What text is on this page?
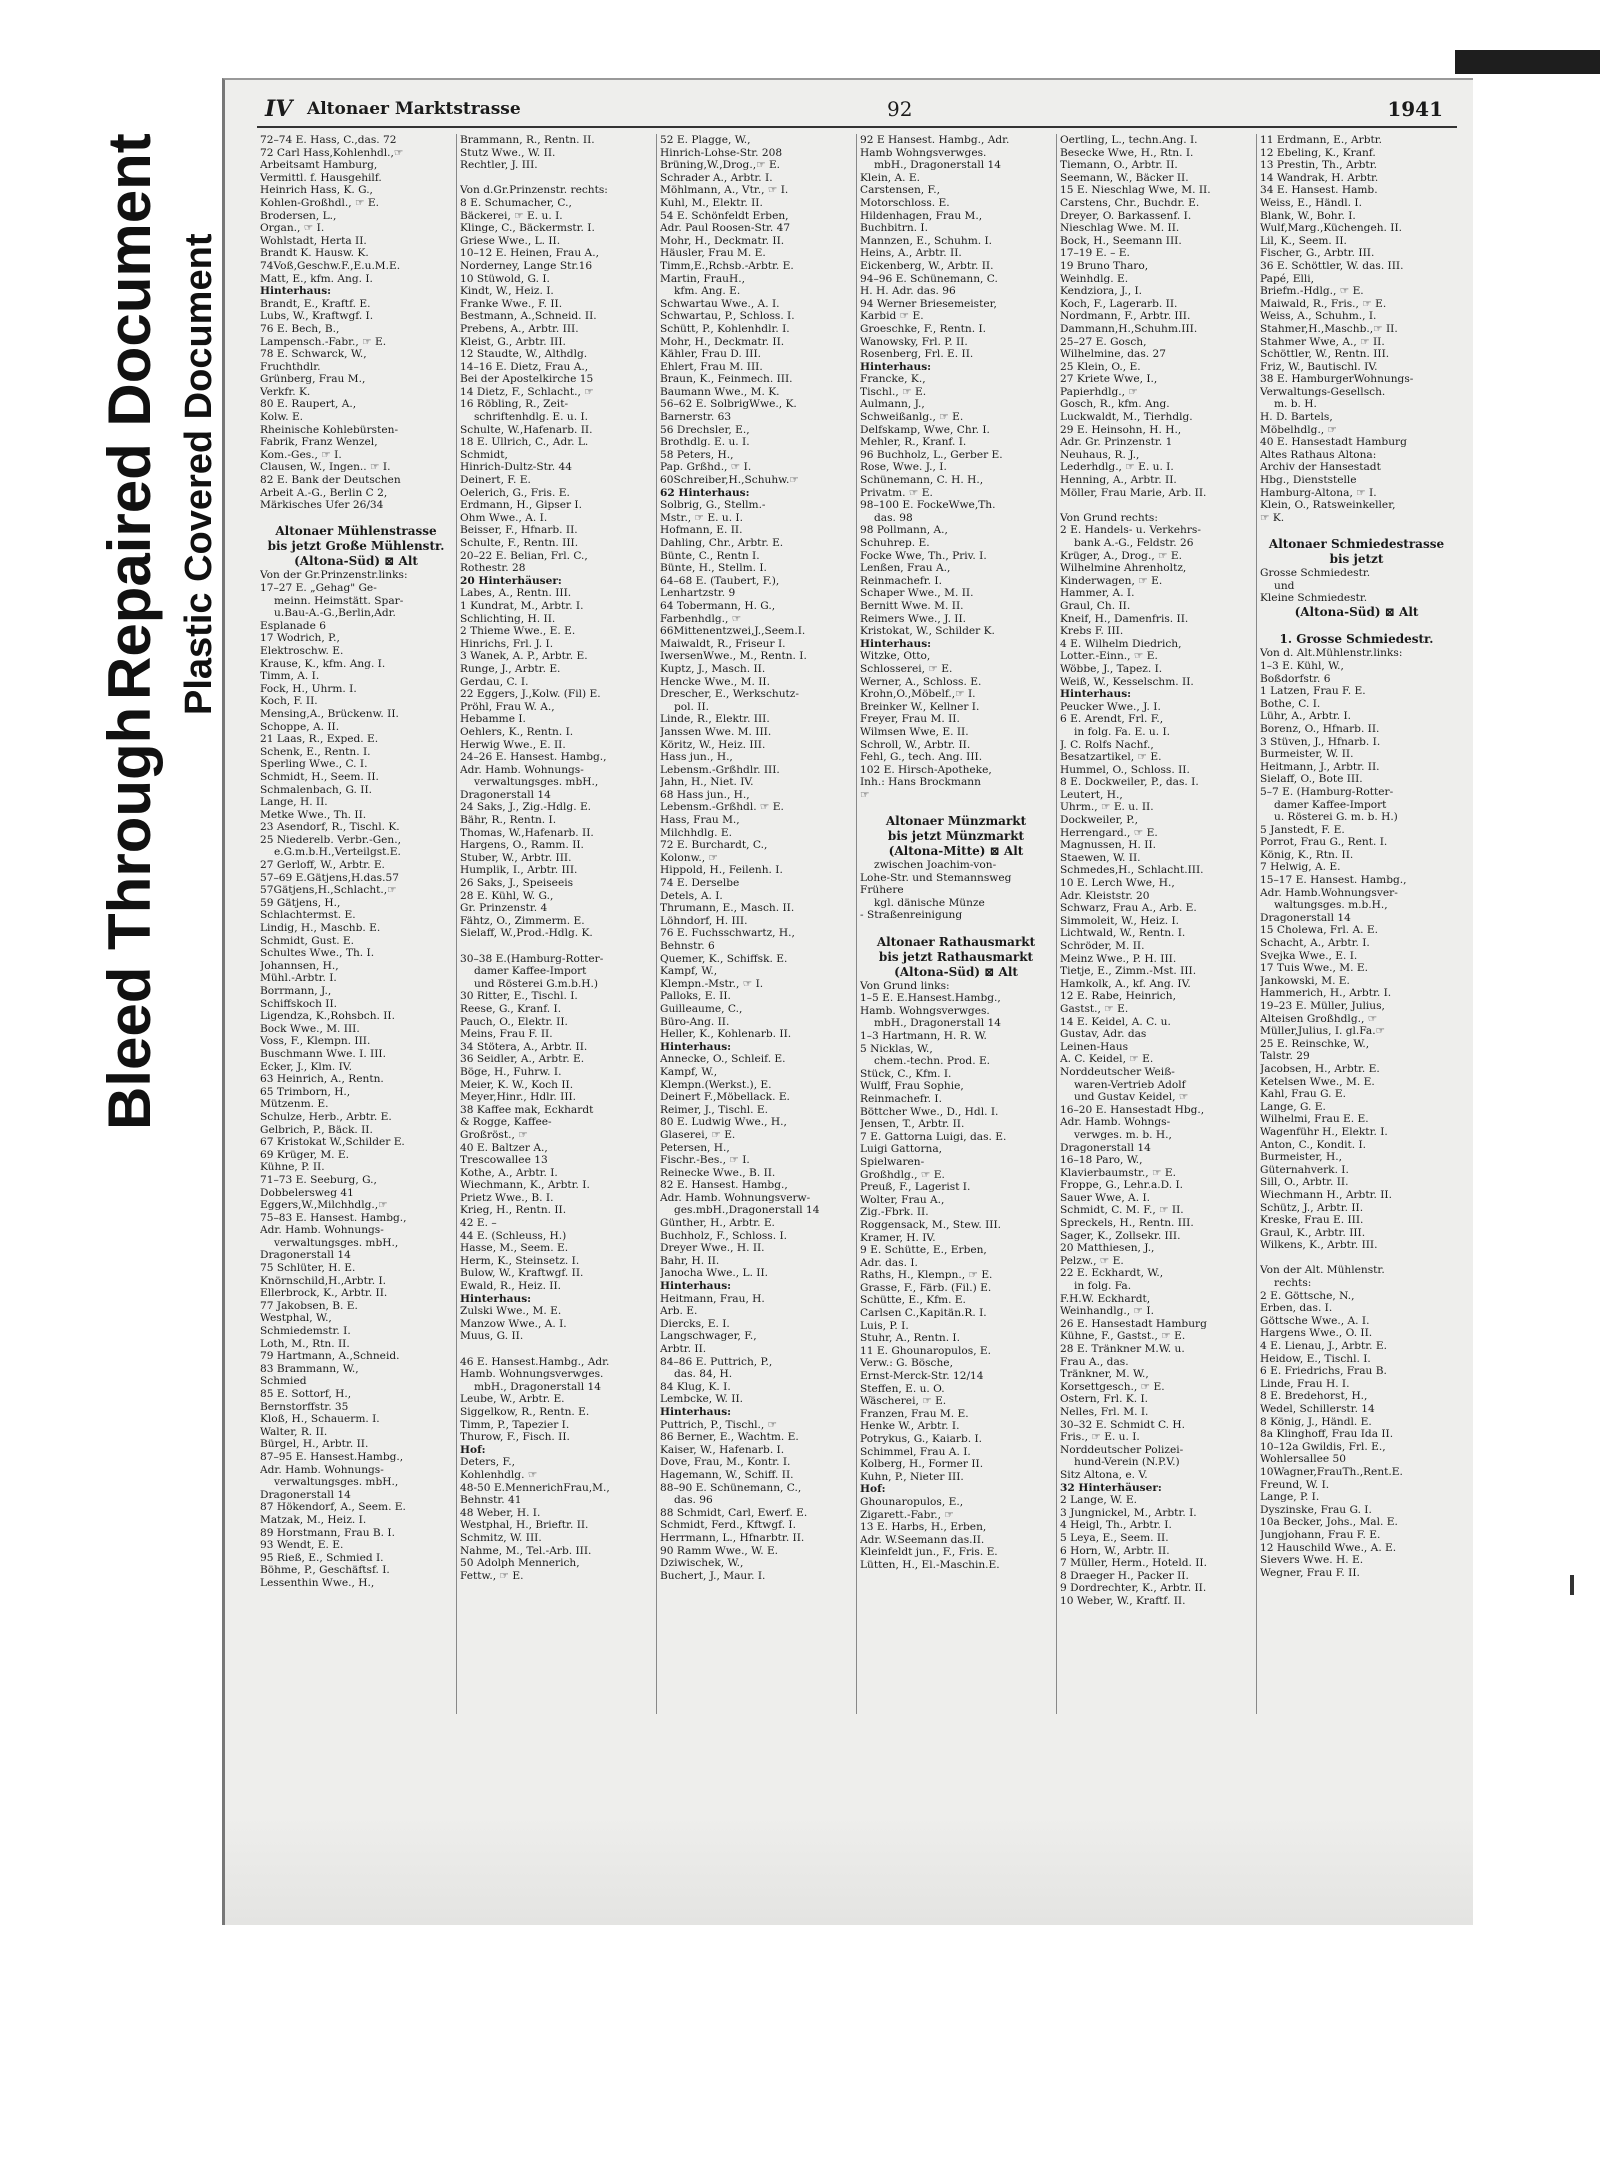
Bleed Through
Repaired Document Plastic Covered Document
IV Altonaer Marktstrasse	92	1941
72–74 E. Hass, C.,das. 72
72 Carl Hass,Kohlenhdl.,☞
Arbeitsamt Hamburg,
Vermittl. f. Hausgehilf.
Heinrich Hass, K. G.,
Kohlen-Großhdl., ☞ E.
Brodersen, L.,
Organ., ☞ I.
Wohlstadt, Herta II.
Brandt K. Hausw. K.
74Voß,Geschw.F.,E.u.M.E.
Matt, E., kfm. Ang. I.
Hinterhaus:
Brandt, E., Kraftf. E.
Lubs, W., Kraftwgf. I.
76 E. Bech, B.,
Lampensch.-Fabr., ☞ E.
78 E. Schwarck, W.,
Fruchthdlr.
Grünberg, Frau M.,
Verkfr. K.
80 E. Raupert, A.,
Kolw. E.
Rheinische Kohlebürsten-
Fabrik, Franz Wenzel,
Kom.-Ges., ☞ I.
Clausen, W., Ingen.. ☞ I.
82 E. Bank der Deutschen
Arbeit A.-G., Berlin C 2,
Märkisches Ufer 26/34

Altonaer Mühlenstrasse
bis jetzt Große Mühlenstr.
(Altona-Süd) ⊠ Alt
Von der Gr.Prinzenstr.links:
17–27 E. „Gehag" Ge-
meinn. Heimstätt. Spar-
u.Bau-A.-G.,Berlin,Adr.
Esplanade 6
17 Wodrich, P.,
Elektroschw. E.
Krause, K., kfm. Ang. I.
Timm, A. I.
Fock, H., Uhrm. I.
Koch, F. II.
Mensing,A., Brückenw. II.
Schoppe, A. II.
21 Laas, R., Exped. E.
Schenk, E., Rentn. I.
Sperling Wwe., C. I.
Schmidt, H., Seem. II.
Schmalenbach, G. II.
Lange, H. II.
Metke Wwe., Th. II.
23 Asendorf, R., Tischl. K.
25 Niederelb. Verbr.-Gen.,
e.G.m.b.H.,Verteilgst.E.
27 Gerloff, W., Arbtr. E.
57–69 E.Gätjens,H.das.57
57Gätjens,H.,Schlacht.,☞
59 Gätjens, H.,
Schlachtermst. E.
Lindig, H., Maschb. E.
Schmidt, Gust. E.
Schultes Wwe., Th. I.
Johannsen, H.,
Mühl.-Arbtr. I.
Borrmann, J.,
Schiffskoch II.
Ligendza, K.,Rohsbch. II.
Bock Wwe., M. III.
Voss, F., Klempn. III.
Buschmann Wwe. I. III.
Ecker, J., Klm. IV.
63 Heinrich, A., Rentn.
65 Trimborn, H.,
Mützenm. E.
Schulze, Herb., Arbtr. E.
Gelbrich, P., Bäck. II.
67 Kristokat W.,Schilder E.
69 Krüger, M. E.
Kühne, P. II.
71–73 E. Seeburg, G.,
Dobbelersweg 41
Eggers,W.,Milchhdlg.,☞
75–83 E. Hansest. Hambg.,
Adr. Hamb. Wohnungs-
verwaltungsges. mbH.,
Dragonerstall 14
75 Schlüter, H. E.
Knörnschild,H.,Arbtr. I.
Ellerbrock, K., Arbtr. II.
77 Jakobsen, B. E.
Westphal, W.,
Schmiedemstr. I.
Loth, M., Rtn. II.
79 Hartmann, A.,Schneid.
83 Brammann, W.,
Schmied
85 E. Sottorf, H.,
Bernstorffstr. 35
Kloß, H., Schauerm. I.
Walter, R. II.
Bürgel, H., Arbtr. II.
87–95 E. Hansest.Hambg.,
Adr. Hamb. Wohnungs-
verwaltungsges. mbH.,
Dragonerstall 14
87 Hökendorf, A., Seem. E.
Matzak, M., Heiz. I.
89 Horstmann, Frau B. I.
93 Wendt, E. E.
95 Rieß, E., Schmied I.
Böhme, P., Geschäftsf. I.
Lessenthin Wwe., H.,
Brammann, R., Rentn. II.
Stutz Wwe., W. II.
Rechtler, J. III.

Von d.Gr.Prinzenstr. rechts:
8 E. Schumacher, C.,
Bäckerei, ☞ E. u. I.
Klinge, C., Bäckermstr. I.
Griese Wwe., L. II.
10–12 E. Heinen, Frau A.,
Norderney, Lange Str.16
10 Stüwold, G. I.
Kindt, W., Heiz. I.
Franke Wwe., F. II.
Bestmann, A.,Schneid. II.
Prebens, A., Arbtr. III.
Kleist, G., Arbtr. III.
12 Staudte, W., Althdlg.
14–16 E. Dietz, Frau A.,
Bei der Apostelkirche 15
14 Dietz, F., Schlacht., ☞
16 Röbling, R., Zeit-
schriftenhdlg. E. u. I.
Schulte, W.,Hafenarb. II.
18 E. Ullrich, C., Adr. L.
Schmidt,
Hinrich-Dultz-Str. 44
Deinert, F. E.
Oelerich, G., Fris. E.
Erdmann, H., Gipser I.
Ohm Wwe., A. I.
Beisser, F., Hfnarb. II.
Schulte, F., Rentn. III.
20–22 E. Belian, Frl. C.,
Rothestr. 28
20 Hinterhäuser:
Labes, A., Rentn. III.
1 Kundrat, M., Arbtr. I.
Schlichting, H. II.
2 Thieme Wwe., E. E.
Hinrichs, Frl. J. I.
3 Wanek, A. P., Arbtr. E.
Runge, J., Arbtr. E.
Gerdau, C. I.
22 Eggers, J.,Kolw. (Fil) E.
Pröhl, Frau W. A.,
Hebamme I.
Oehlers, K., Rentn. I.
Herwig Wwe., E. II.
24–26 E. Hansest. Hambg.,
Adr. Hamb. Wohnungs-
verwaltungsges. mbH.,
Dragonerstall 14
24 Saks, J., Zig.-Hdlg. E.
Bähr, R., Rentn. I.
Thomas, W.,Hafenarb. II.
Hargens, O., Ramm. II.
Stuber, W., Arbtr. III.
Humplik, I., Arbtr. III.
26 Saks, J., Speiseeis
28 E. Kühl, W. G.,
Gr. Prinzenstr. 4
Fähtz, O., Zimmerm. E.
Sielaff, W.,Prod.-Hdlg. K.

30–38 E.(Hamburg-Rotter-
damer Kaffee-Import
und Rösterei G.m.b.H.)
30 Ritter, E., Tischl. I.
Reese, G., Kranf. I.
Pauch, O., Elektr. II.
Meins, Frau F. II.
34 Stötera, A., Arbtr. II.
36 Seidler, A., Arbtr. E.
Böge, H., Fuhrw. I.
Meier, K. W., Koch II.
Meyer,Hinr., Hdlr. III.
38 Kaffee mak, Eckhardt
& Rogge, Kaffee-
Großröst., ☞
40 E. Baltzer A.,
Trescowallee 13
Kothe, A., Arbtr. I.
Wiechmann, K., Arbtr. I.
Prietz Wwe., B. I.
Krieg, H., Rentn. II.
42 E. –
44 E. (Schleuss, H.)
Hasse, M., Seem. E.
Herm, K., Steinsetz. I.
Bulow, W., Kraftwgf. II.
Ewald, R., Heiz. II.
Hinterhaus:
Zulski Wwe., M. E.
Manzow Wwe., A. I.
Muus, G. II.

46 E. Hansest.Hambg., Adr.
Hamb. Wohnungsverwges.
mbH., Dragonerstall 14
Leube, W., Arbtr. E.
Siggelkow, R., Rentn. E.
Timm, P., Tapezier I.
Thurow, F., Fisch. II.
Hof:
Deters, F.,
Kohlenhdlg. ☞
48-50 E.MennerichFrau,M.,
Behnstr. 41
48 Weber, H. I.
Westphal, H., Brieftr. II.
Schmitz, W. III.
Nahme, M., Tel.-Arb. III.
50 Adolph Mennerich,
Fettw., ☞ E.
52 E. Plagge, W.,
Hinrich-Lohse-Str. 208
Brüning,W.,Drog.,☞ E.
Schrader A., Arbtr. I.
Möhlmann, A., Vtr., ☞ I.
Kuhl, M., Elektr. II.
54 E. Schönfeldt Erben,
Adr. Paul Roosen-Str. 47
Mohr, H., Deckmatr. II.
Häusler, Frau M. E.
Timm,E.,Rchsb.-Arbtr. E.
Martin, FrauH.,
kfm. Ang. E.
Schwartau Wwe., A. I.
Schwartau, P., Schloss. I.
Schütt, P., Kohlenhdlr. I.
Mohr, H., Deckmatr. II.
Kähler, Frau D. III.
Ehlert, Frau M. III.
Braun, K., Feinmech. III.
Baumann Wwe., M. K.
56–62 E. SolbrigWwe., K.
Barnerstr. 63
56 Drechsler, E.,
Brothdlg. E. u. I.
58 Peters, H.,
Pap. Grßhd., ☞ I.
60Schreiber,H.,Schuhw.☞
62 Hinterhaus:
Solbrig, G., Stellm.-
Mstr., ☞ E. u. I.
Hofmann, E. II.
Dahling, Chr., Arbtr. E.
Bünte, C., Rentn I.
Bünte, H., Stellm. I.
64–68 E. (Taubert, F.),
Lenhartzstr. 9
64 Tobermann, H. G.,
Farbenhdlg., ☞
66Mittenentzwei,J.,Seem.I.
Maiwaldt, R., Friseur I.
IwersenWwe., M., Rentn. I.
Kuptz, J., Masch. II.
Hencke Wwe., M. II.
Drescher, E., Werkschutz-
pol. II.
Linde, R., Elektr. III.
Janssen Wwe. M. III.
Köritz, W., Heiz. III.
Hass jun., H.,
Lebensm.-Grßhdlr. III.
Jahn, H., Niet. IV.
68 Hass jun., H.,
Lebensm.-Grßhdl. ☞ E.
Hass, Frau M.,
Milchhdlg. E.
72 E. Burchardt, C.,
Kolonw., ☞
Hippold, H., Feilenh. I.
74 E. Derselbe
Detels, A. I.
Thrumann, E., Masch. II.
Löhndorf, H. III.
76 E. Fuchsschwartz, H.,
Behnstr. 6
Quemer, K., Schiffsk. E.
Kampf, W.,
Klempn.-Mstr., ☞ I.
Palloks, E. II.
Guilleaume, C.,
Büro-Ang. II.
Heller, K., Kohlenarb. II.
Hinterhaus:
Annecke, O., Schleif. E.
Kampf, W.,
Klempn.(Werkst.), E.
Deinert F.,Möbellack. E.
Reimer, J., Tischl. E.
80 E. Ludwig Wwe., H.,
Glaserei, ☞ E.
Petersen, H.,
Fischr.-Bes., ☞ I.
Reinecke Wwe., B. II.
82 E. Hansest. Hambg.,
Adr. Hamb. Wohnungsverw-
ges.mbH.,Dragonerstall 14
Günther, H., Arbtr. E.
Buchholz, F., Schloss. I.
Dreyer Wwe., H. II.
Bahr, H. II.
Janocha Wwe., L. II.
Hinterhaus:
Heitmann, Frau, H.
Arb. E.
Diercks, E. I.
Langschwager, F.,
Arbtr. II.
84–86 E. Puttrich, P.,
das. 84, H.
84 Klug, K. I.
Lembcke, W. II.
Hinterhaus:
Puttrich, P., Tischl., ☞
86 Berner, E., Wachtm. E.
Kaiser, W., Hafenarb. I.
Dove, Frau, M., Kontr. I.
Hagemann, W., Schiff. II.
88–90 E. Schünemann, C.,
das. 96
88 Schmidt, Carl, Ewerf. E.
Schmidt, Ferd., Kftwgf. I.
Herrmann, L., Hfnarbtr. II.
90 Ramm Wwe., W. E.
Dziwischek, W.,
Buchert, J., Maur. I.
92 E Hansest. Hambg., Adr.
Hamb Wohngsverwges.
mbH., Dragonerstall 14
Klein, A. E.
Carstensen, F.,
Motorschloss. E.
Hildenhagen, Frau M.,
Buchbitrn. I.
Mannzen, E., Schuhm. I.
Heins, A., Arbtr. II.
Eickenberg, W., Arbtr. II.
94–96 E. Schünemann, C.
H. H. Adr. das. 96
94 Werner Briesemeister,
Karbid ☞ E.
Groeschke, F., Rentn. I.
Wanowsky, Frl. P. II.
Rosenberg, Frl. E. II.
Hinterhaus:
Francke, K.,
Tischl., ☞ E.
Aulmann, J.,
Schweißanlg., ☞ E.
Delfskamp, Wwe, Chr. I.
Mehler, R., Kranf. I.
96 Buchholz, L., Gerber E.
Rose, Wwe. J., I.
Schünemann, C. H. H.,
Privatm. ☞ E.
98–100 E. FockeWwe,Th.
das. 98
98 Pollmann, A.,
Schuhrep. E.
Focke Wwe, Th., Priv. I.
Lenßen, Frau A.,
Reinmachefr. I.
Schaper Wwe., M. II.
Bernitt Wwe. M. II.
Reimers Wwe., J. II.
Kristokat, W., Schilder K.
Hinterhaus:
Witzke, Otto,
Schlosserei, ☞ E.
Werner, A., Schloss. E.
Krohn,O.,Möbelf.,☞ I.
Breinker W., Kellner I.
Freyer, Frau M. II.
Wilmsen Wwe, E. II.
Schroll, W., Arbtr. II.
Fehl, G., tech. Ang. III.
102 E. Hirsch-Apotheke,
Inh.: Hans Brockmann
☞

Altonaer Münzmarkt
bis jetzt Münzmarkt
(Altona-Mitte) ⊠ Alt
zwischen Joachim-von-
Lohe-Str. und Stemannsweg
Frühere
kgl. dänische Münze
- Straßenreinigung

Altonaer Rathausmarkt
bis jetzt Rathausmarkt
(Altona-Süd) ⊠ Alt
Von Grund links:
1–5 E. E.Hansest.Hambg.,
Hamb. Wohngsverwges.
mbH., Dragonerstall 14
1–3 Hartmann, H. R. W.
5 Nicklas, W.,
chem.-techn. Prod. E.
Stück, C., Kfm. I.
Wulff, Frau Sophie,
Reinmachefr. I.
Böttcher Wwe., D., Hdl. I.
Jensen, T., Arbtr. II.
7 E. Gattorna Luigi, das. E.
Luigi Gattorna,
Spielwaren-
Großhdlg., ☞ E.
Preuß, F., Lagerist I.
Wolter, Frau A.,
Zig.-Fbrk. II.
Roggensack, M., Stew. III.
Kramer, H. IV.
9 E. Schütte, E., Erben,
Adr. das. I.
Raths, H., Klempn., ☞ E.
Grasse, F., Färb. (Fil.) E.
Schütte, E., Kfm. E.
Carlsen C.,Kapitän.R. I.
Luis, P. I.
Stuhr, A., Rentn. I.
11 E. Ghounaropulos, E.
Verw.: G. Bösche,
Ernst-Merck-Str. 12/14
Steffen, E. u. O.
Wäscherei, ☞ E.
Franzen, Frau M. E.
Henke W., Arbtr. I.
Potrykus, G., Kaiarb. I.
Schimmel, Frau A. I.
Kolberg, H., Former II.
Kuhn, P., Nieter III.
Hof:
Ghounaropulos, E.,
Zigarett.-Fabr., ☞
13 E. Harbs, H., Erben,
Adr. W.Seemann das.II.
Kleinfeldt jun., F., Fris. E.
Lütten, H., El.-Maschin.E.
Oertling, L., techn.Ang. I.
Besecke Wwe, H., Rtn. I.
Tiemann, O., Arbtr. II.
Seemann, W., Bäcker II.
15 E. Nieschlag Wwe, M. II.
Carstens, Chr., Buchdr. E.
Dreyer, O. Barkassenf. I.
Nieschlag Wwe. M. II.
Bock, H., Seemann III.
17–19 E. – E.
19 Bruno Tharo,
Weinhdlg. E.
Kendziora, J., I.
Koch, F., Lagerarb. II.
Nordmann, F., Arbtr. III.
Dammann,H.,Schuhm.III.
25–27 E. Gosch,
Wilhelmine, das. 27
25 Klein, O., E.
27 Kriete Wwe, I.,
Papierhdlg., ☞
Gosch, R., kfm. Ang.
Luckwaldt, M., Tierhdlg.
29 E. Heinsohn, H. H.,
Adr. Gr. Prinzenstr. 1
Neuhaus, R. J.,
Lederhdlg., ☞ E. u. I.
Henning, A., Arbtr. II.
Möller, Frau Marie, Arb. II.

Von Grund rechts:
2 E. Handels- u. Verkehrs-
bank A.-G., Feldstr. 26
Krüger, A., Drog., ☞ E.
Wilhelmine Ahrenholtz,
Kinderwagen, ☞ E.
Hammer, A. I.
Graul, Ch. II.
Kneif, H., Damenfris. II.
Krebs F. III.
4 E. Wilhelm Diedrich,
Lotter.-Einn., ☞ E.
Wöbbe, J., Tapez. I.
Weiß, W., Kesselschm. II.
Hinterhaus:
Peucker Wwe., J. I.
6 E. Arendt, Frl. F.,
in folg. Fa. E. u. I.
J. C. Rolfs Nachf.,
Besatzartikel, ☞ E.
Hummel, O., Schloss. II.
8 E. Dockweiler, P., das. I.
Leutert, H.,
Uhrm., ☞ E. u. II.
Dockweiler, P.,
Herrengard., ☞ E.
Magnussen, H. II.
Staewen, W. II.
Schmedes,H., Schlacht.III.
10 E. Lerch Wwe, H.,
Adr. Kleiststr. 20
Schwarz, Frau A., Arb. E.
Simmoleit, W., Heiz. I.
Lichtwald, W., Rentn. I.
Schröder, M. II.
Meinz Wwe., P. H. III.
Tietje, E., Zimm.-Mst. III.
Hamkolk, A., kf. Ang. IV.
12 E. Rabe, Heinrich,
Gastst., ☞ E.
14 E. Keidel, A. C. u.
Gustav, Adr. das
Leinen-Haus
A. C. Keidel, ☞ E.
Norddeutscher Weiß-
waren-Vertrieb Adolf
und Gustav Keidel, ☞
16–20 E. Hansestadt Hbg.,
Adr. Hamb. Wohngs-
verwges. m. b. H.,
Dragonerstall 14
16–18 Paro, W.,
Klavierbaumstr., ☞ E.
Froppe, G., Lehr.a.D. I.
Sauer Wwe, A. I.
Schmidt, C. M. F., ☞ II.
Spreckels, H., Rentn. III.
Sager, K., Zollsekr. III.
20 Matthiesen, J.,
Pelzw., ☞ E.
22 E. Eckhardt, W.,
in folg. Fa.
F.H.W. Eckhardt,
Weinhandlg., ☞ I.
26 E. Hansestadt Hamburg
Kühne, F., Gastst., ☞ E.
28 E. Tränkner M.W. u.
Frau A., das.
Tränkner, M. W.,
Korsettgesch., ☞ E.
Ostern, Frl. K. I.
Nelles, Frl. M. I.
30–32 E. Schmidt C. H.
Fris., ☞ E. u. I.
Norddeutscher Polizei-
hund-Verein (N.P.V.)
Sitz Altona, e. V.
32 Hinterhäuser:
2 Lange, W. E.
3 Jungnickel, M., Arbtr. I.
4 Heigl, Th., Arbtr. I.
5 Leya, E., Seem. II.
6 Horn, W., Arbtr. II.
7 Müller, Herm., Hoteld. II.
8 Draeger H., Packer II.
9 Dordrechter, K., Arbtr. II.
10 Weber, W., Kraftf. II.
11 Erdmann, E., Arbtr.
12 Ebeling, K., Kranf.
13 Prestin, Th., Arbtr.
14 Wandrak, H. Arbtr.
34 E. Hansest. Hamb.
Weiss, E., Händl. I.
Blank, W., Bohr. I.
Wulf,Marg.,Küchengeh. II.
Lil, K., Seem. II.
Fischer, G., Arbtr. III.
36 E. Schöttler, W. das. III.
Papé, Elli,
Briefm.-Hdlg., ☞ E.
Maiwald, R., Fris., ☞ E.
Weiss, A., Schuhm., I.
Stahmer,H.,Maschb.,☞ II.
Stahmer Wwe, A., ☞ II.
Schöttler, W., Rentn. III.
Friz, W., Bautischl. IV.
38 E. HamburgerWohnungs-
Verwaltungs-Gesellsch.
m. b. H.
H. D. Bartels,
Möbelhdlg., ☞
40 E. Hansestadt Hamburg
Altes Rathaus Altona:
Archiv der Hansestadt
Hbg., Dienststelle
Hamburg-Altona, ☞ I.
Klein, O., Ratsweinkeller,
☞ K.

Altonaer Schmiedestrasse
bis jetzt
Grosse Schmiedestr.
und
Kleine Schmiedestr.
(Altona-Süd) ⊠ Alt

1. Grosse Schmiedestr.
Von d. Alt.Mühlenstr.links:
1–3 E. Kühl, W.,
Boßdorfstr. 6
1 Latzen, Frau F. E.
Bothe, C. I.
Lühr, A., Arbtr. I.
Borenz, O., Hfnarb. II.
3 Stüven, J., Hfnarb. I.
Burmeister, W. II.
Heitmann, J., Arbtr. II.
Sielaff, O., Bote III.
5–7 E. (Hamburg-Rotter-
damer Kaffee-Import
u. Rösterei G. m. b. H.)
5 Janstedt, F. E.
Porrot, Frau G., Rent. I.
König, K., Rtn. II.
7 Helwig, A. E.
15–17 E. Hansest. Hambg.,
Adr. Hamb.Wohnungsver-
waltungsges. m.b.H.,
Dragonerstall 14
15 Cholewa, Frl. A. E.
Schacht, A., Arbtr. I.
Svejka Wwe., E. I.
17 Tuis Wwe., M. E.
Jankowski, M. E.
Hammerich, H., Arbtr. I.
19–23 E. Müller, Julius,
Alteisen Großhdlg., ☞
Müller,Julius, I. gl.Fa.☞
25 E. Reinschke, W.,
Talstr. 29
Jacobsen, H., Arbtr. E.
Ketelsen Wwe., M. E.
Kahl, Frau G. E.
Lange, G. E.
Wilhelmi, Frau E. E.
Wagenführ H., Elektr. I.
Anton, C., Kondit. I.
Burmeister, H.,
Güternahverk. I.
Sill, O., Arbtr. II.
Wiechmann H., Arbtr. II.
Schütz, J., Arbtr. II.
Kreske, Frau E. III.
Graul, K., Arbtr. III.
Wilkens, K., Arbtr. III.

Von der Alt. Mühlenstr.
rechts:
2 E. Göttsche, N.,
Erben, das. I.
Göttsche Wwe., A. I.
Hargens Wwe., O. II.
4 E. Lienau, J., Arbtr. E.
Heidow, E., Tischl. I.
6 E. Friedrichs, Frau B.
Linde, Frau H. I.
8 E. Bredehorst, H.,
Wedel, Schillerstr. 14
8 König, J., Händl. E.
8a Klinghoff, Frau Ida II.
10–12a Gwildis, Frl. E.,
Wohlersallee 50
10Wagner,FrauTh.,Rent.E.
Freund, W. I.
Lange, P. I.
Dyszinske, Frau G. I.
10a Becker, Johs., Mal. E.
Jungjohann, Frau F. E.
12 Hauschild Wwe., A. E.
Sievers Wwe. H. E.
Wegner, Frau F. II.
